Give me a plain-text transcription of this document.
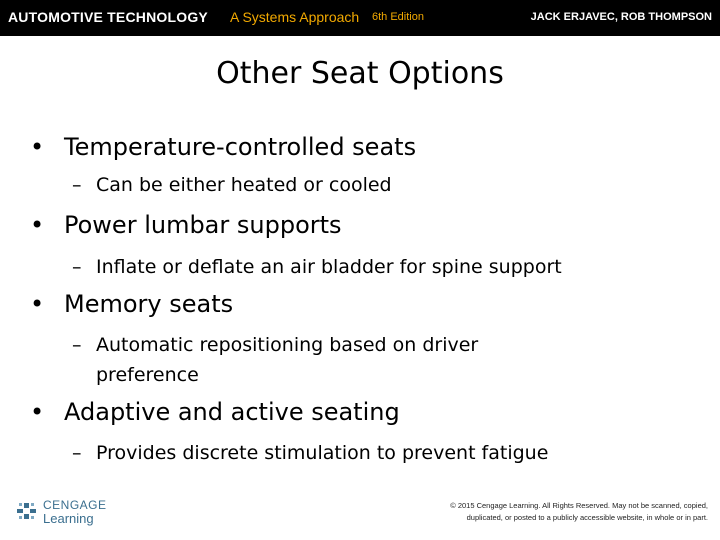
AUTOMOTIVE TECHNOLOGY A Systems Approach 6th Edition	JACK ERJAVEC, ROB THOMPSON
Other Seat Options
• Temperature-controlled seats
– Can be either heated or cooled
• Power lumbar supports
– Inflate or deflate an air bladder for spine support
• Memory seats
– Automatic repositioning based on driver preference
• Adaptive and active seating
– Provides discrete stimulation to prevent fatigue
CENGAGE
Learning
© 2015 Cengage Learning. All Rights Reserved. May not be scanned, copied,
duplicated, or posted to a publicly accessible website, in whole or in part.
